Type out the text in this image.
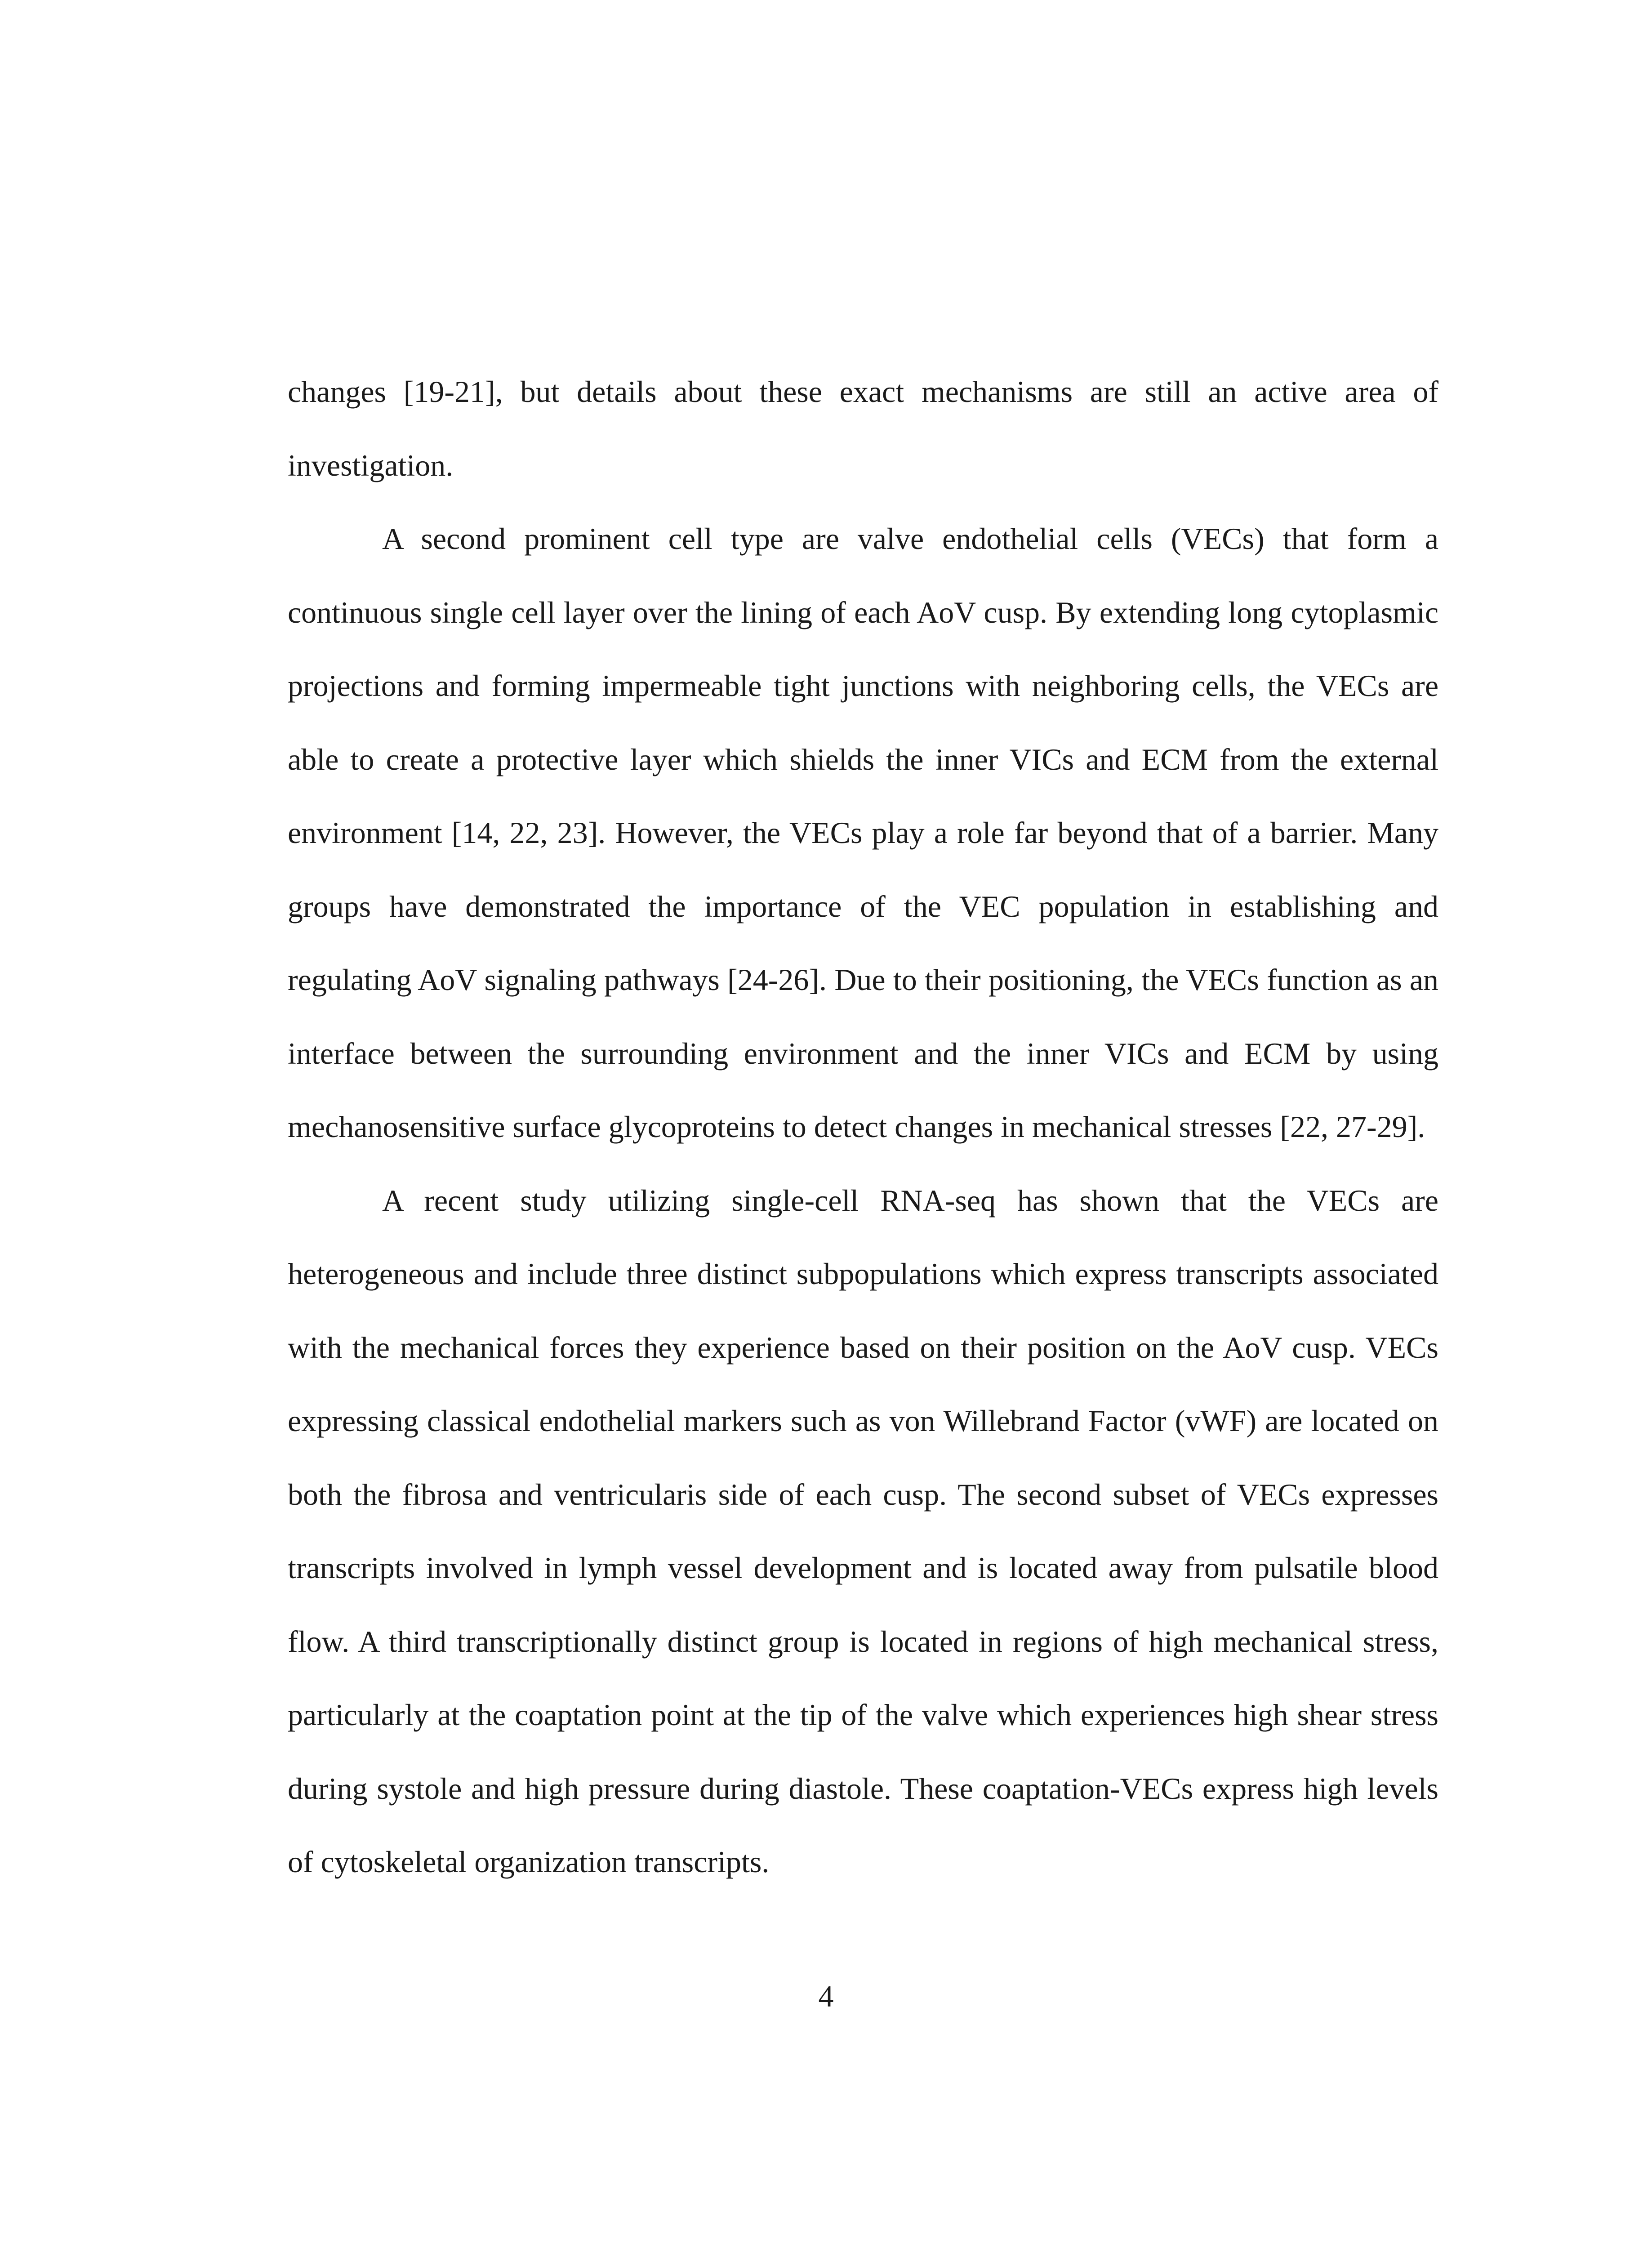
changes [19-21], but details about these exact mechanisms are still an active area of investigation.

A second prominent cell type are valve endothelial cells (VECs) that form a continuous single cell layer over the lining of each AoV cusp. By extending long cytoplasmic projections and forming impermeable tight junctions with neighboring cells, the VECs are able to create a protective layer which shields the inner VICs and ECM from the external environment [14, 22, 23]. However, the VECs play a role far beyond that of a barrier. Many groups have demonstrated the importance of the VEC population in establishing and regulating AoV signaling pathways [24-26]. Due to their positioning, the VECs function as an interface between the surrounding environment and the inner VICs and ECM by using mechanosensitive surface glycoproteins to detect changes in mechanical stresses [22, 27-29].

A recent study utilizing single-cell RNA-seq has shown that the VECs are heterogeneous and include three distinct subpopulations which express transcripts associated with the mechanical forces they experience based on their position on the AoV cusp. VECs expressing classical endothelial markers such as von Willebrand Factor (vWF) are located on both the fibrosa and ventricularis side of each cusp. The second subset of VECs expresses transcripts involved in lymph vessel development and is located away from pulsatile blood flow. A third transcriptionally distinct group is located in regions of high mechanical stress, particularly at the coaptation point at the tip of the valve which experiences high shear stress during systole and high pressure during diastole. These coaptation-VECs express high levels of cytoskeletal organization transcripts.

4
